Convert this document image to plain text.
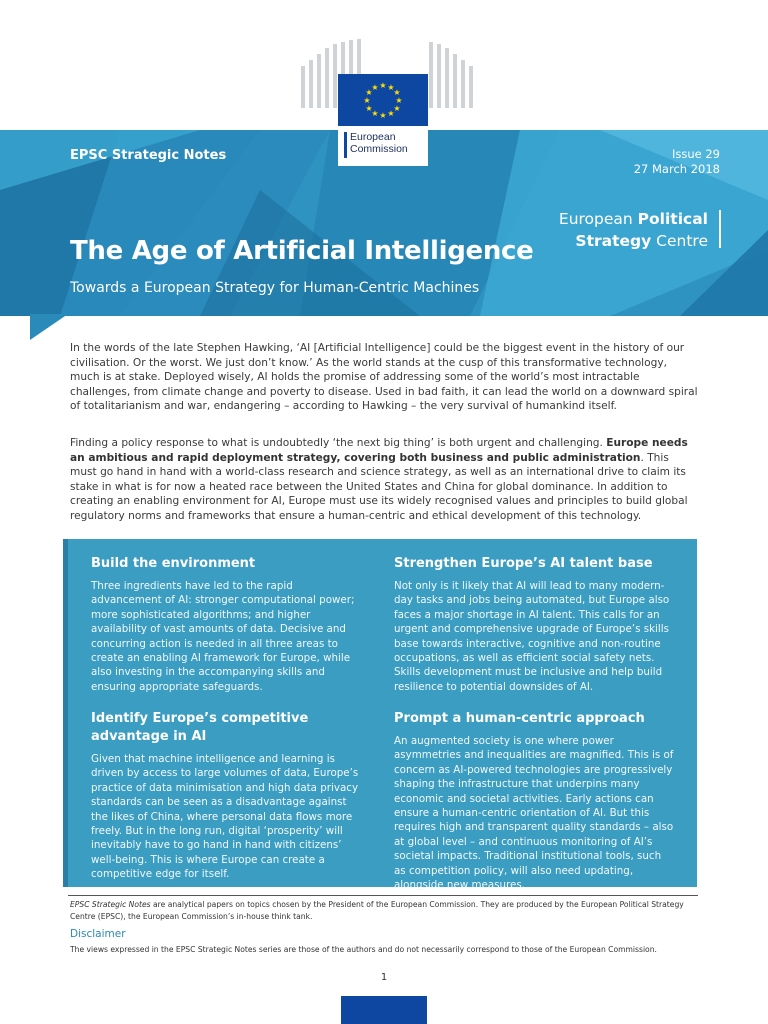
★ ★
★
★
★
★
★
★
★
★
★
★
European
Commission
EPSC Strategic Notes	Issue 29
27 March 2018
European Political
Strategy Centre
The Age of Artificial Intelligence
Towards a European Strategy for Human-Centric Machines

In the words of the late Stephen Hawking, ‘AI [Artificial Intelligence] could be the biggest event in the history of our civilisation. Or the worst. We just don’t know.’ As the world stands at the cusp of this transformative technology, much is at stake. Deployed wisely, AI holds the promise of addressing some of the world’s most intractable challenges, from climate change and poverty to disease. Used in bad faith, it can lead the world on a downward spiral of totalitarianism and war, endangering – according to Hawking – the very survival of humankind itself.

Finding a policy response to what is undoubtedly ‘the next big thing’ is both urgent and challenging. Europe needs an ambitious and rapid deployment strategy, covering both business and public administration. This must go hand in hand with a world-class research and science strategy, as well as an international drive to claim its stake in what is for now a heated race between the United States and China for global dominance. In addition to creating an enabling environment for AI, Europe must use its widely recognised values and principles to build global regulatory norms and frameworks that ensure a human-centric and ethical development of this technology.

Build the environment

Three ingredients have led to the rapid advancement of AI: stronger computational power; more sophisticated algorithms; and higher availability of vast amounts of data. Decisive and concurring action is needed in all three areas to create an enabling AI framework for Europe, while also investing in the accompanying skills and ensuring appropriate safeguards.

Strengthen Europe’s AI talent base

Not only is it likely that AI will lead to many modern-day tasks and jobs being automated, but Europe also faces a major shortage in AI talent. This calls for an urgent and comprehensive upgrade of Europe’s skills base towards interactive, cognitive and non-routine occupations, as well as efficient social safety nets. Skills development must be inclusive and help build resilience to potential downsides of AI.

Identify Europe’s competitive advantage in AI

Given that machine intelligence and learning is driven by access to large volumes of data, Europe’s practice of data minimisation and high data privacy standards can be seen as a disadvantage against the likes of China, where personal data flows more freely. But in the long run, digital ‘prosperity’ will inevitably have to go hand in hand with citizens’ well-being. This is where Europe can create a competitive edge for itself.

Prompt a human-centric approach

An augmented society is one where power asymmetries and inequalities are magnified. This is of concern as AI-powered technologies are progressively shaping the infrastructure that underpins many economic and societal activities. Early actions can ensure a human-centric orientation of AI. But this requires high and transparent quality standards – also at global level – and continuous monitoring of AI’s societal impacts. Traditional institutional tools, such as competition policy, will also need updating, alongside new measures.

EPSC Strategic Notes are analytical papers on topics chosen by the President of the European Commission. They are produced by the European Political Strategy Centre (EPSC), the European Commission’s in-house think tank.

Disclaimer

The views expressed in the EPSC Strategic Notes series are those of the authors and do not necessarily correspond to those of the European Commission.

1
